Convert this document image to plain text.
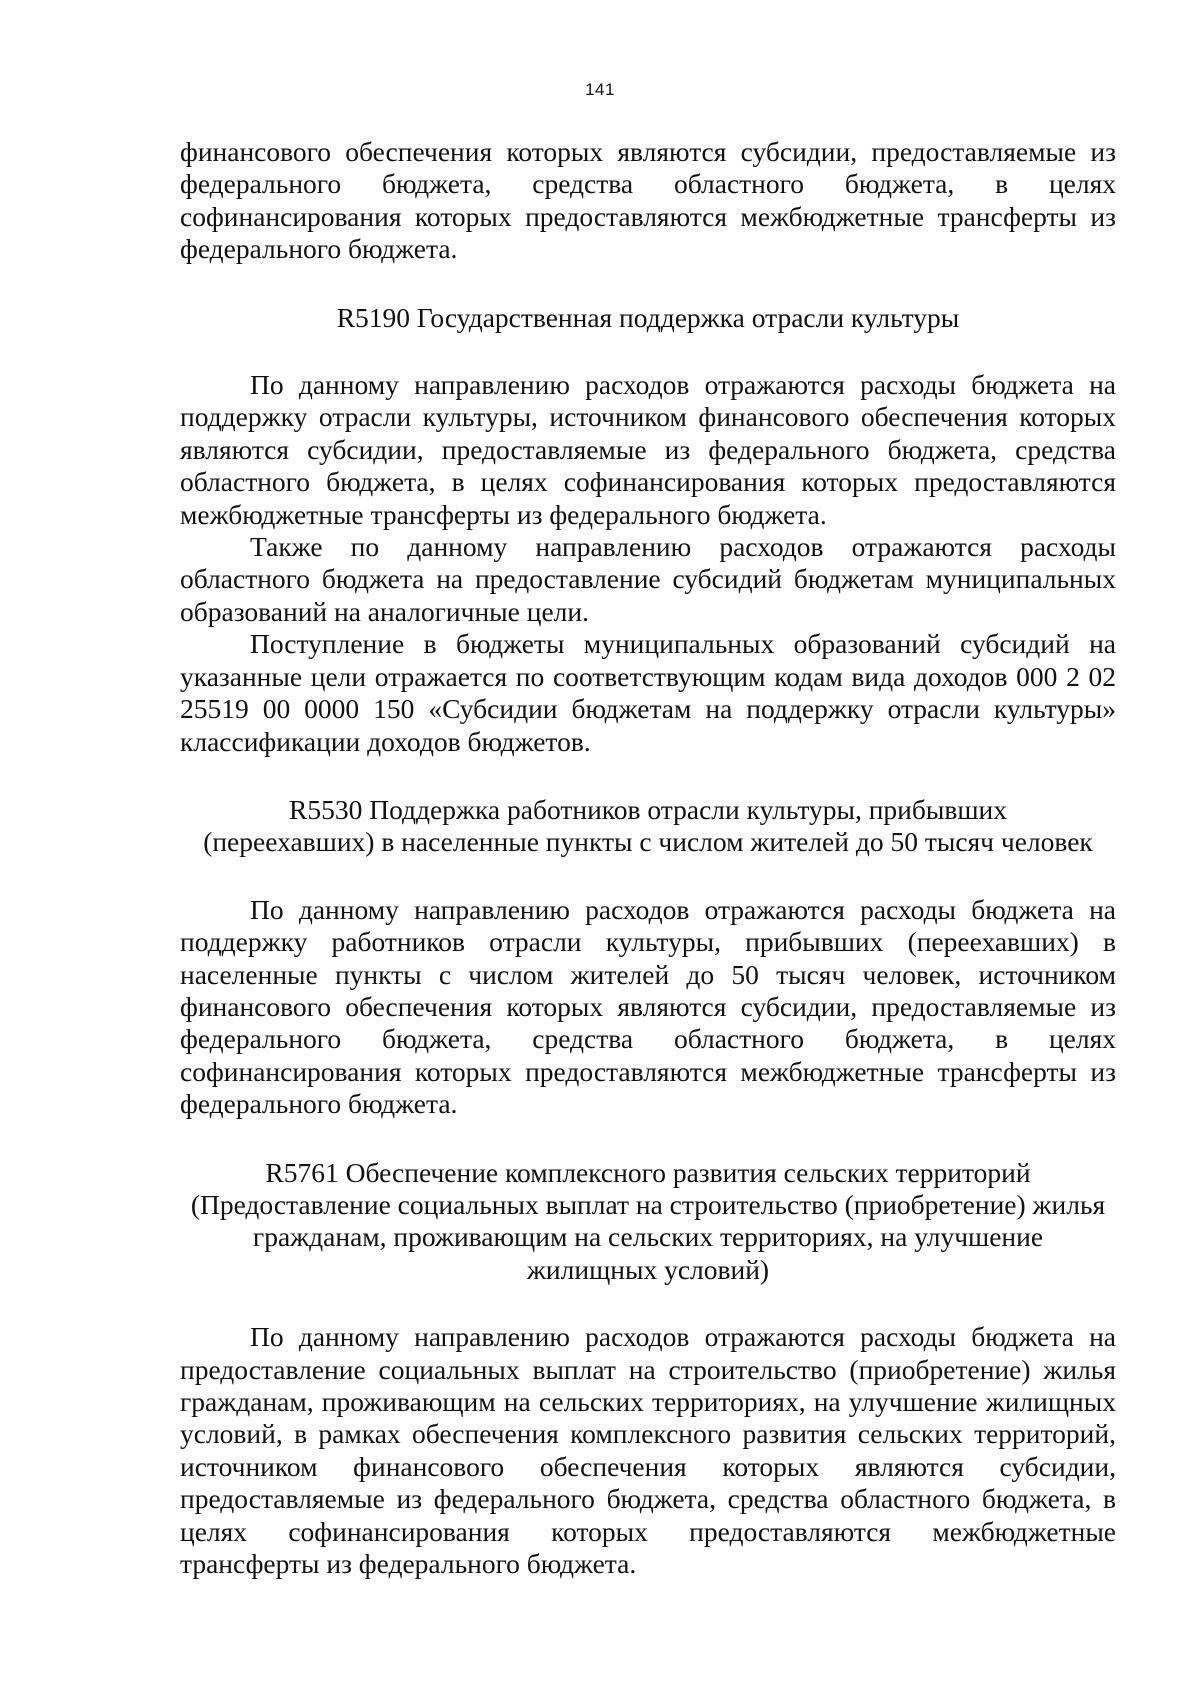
141

финансового обеспечения которых являются субсидии, предоставляемые из федерального бюджета, средства областного бюджета, в целях софинансирования которых предоставляются межбюджетные трансферты из федерального бюджета.

R5190 Государственная поддержка отрасли культуры

По данному направлению расходов отражаются расходы бюджета на поддержку отрасли культуры, источником финансового обеспечения которых являются субсидии, предоставляемые из федерального бюджета, средства областного бюджета, в целях софинансирования которых предоставляются межбюджетные трансферты из федерального бюджета.

Также по данному направлению расходов отражаются расходы областного бюджета на предоставление субсидий бюджетам муниципальных образований на аналогичные цели.

Поступление в бюджеты муниципальных образований субсидий на указанные цели отражается по соответствующим кодам вида доходов 000 2 02 25519 00 0000 150 «Субсидии бюджетам на поддержку отрасли культуры» классификации доходов бюджетов.

R5530 Поддержка работников отрасли культуры, прибывших
(переехавших) в населенные пункты с числом жителей до 50 тысяч человек

По данному направлению расходов отражаются расходы бюджета на поддержку работников отрасли культуры, прибывших (переехавших) в населенные пункты с числом жителей до 50 тысяч человек, источником финансового обеспечения которых являются субсидии, предоставляемые из федерального бюджета, средства областного бюджета, в целях софинансирования которых предоставляются межбюджетные трансферты из федерального бюджета.

R5761 Обеспечение комплексного развития сельских территорий
(Предоставление социальных выплат на строительство (приобретение) жилья
гражданам, проживающим на сельских территориях, на улучшение
жилищных условий)

По данному направлению расходов отражаются расходы бюджета на предоставление социальных выплат на строительство (приобретение) жилья гражданам, проживающим на сельских территориях, на улучшение жилищных условий, в рамках обеспечения комплексного развития сельских территорий, источником финансового обеспечения которых являются субсидии, предоставляемые из федерального бюджета, средства областного бюджета, в целях софинансирования которых предоставляются межбюджетные трансферты из федерального бюджета.
